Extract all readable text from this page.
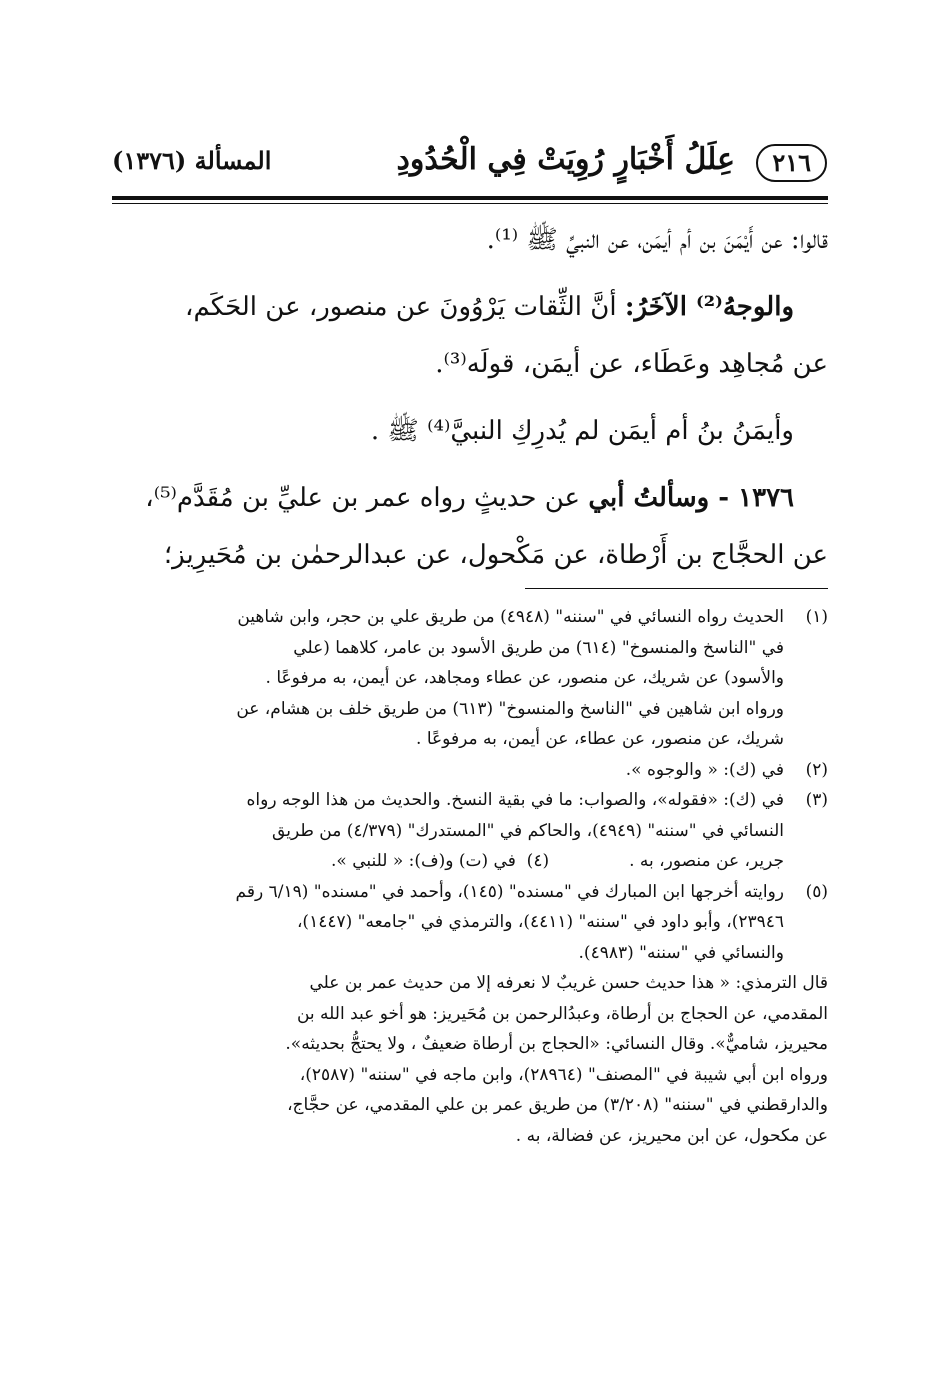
٢١٦
عِلَلُ أَخْبَارٍ رُوِيَتْ فِي الْحُدُودِ
المسألة (١٣٧٦)

قالوا: عن أَيْمَنَ بن أم أيمَن، عن النبيِّ ﷺ ⁽¹⁾.

والوجهُ⁽²⁾ الآخَرُ: أنَّ الثِّقات يَرْوُونَ عن منصور، عن الحَكَم،

عن مُجاهِد وعَطَاء، عن أيمَن، قولَه⁽³⁾.

وأيمَنُ بنُ أم أيمَن لم يُدرِكِ النبيَّ⁽⁴⁾ ﷺ .

١٣٧٦ - وسألتُ أبي عن حديثٍ رواه عمر بن عليِّ بن مُقَدَّم⁽⁵⁾،

عن الحجَّاج بن أَرْطاة، عن مَكْحول، عن عبدالرحمٰن بن مُحَيرِيز؛

(١)

الحديث رواه النسائي في "سننه" (٤٩٤٨) من طريق علي بن حجر، وابن شاهين

في "الناسخ والمنسوخ" (٦١٤) من طريق الأسود بن عامر، كلاهما (علي

والأسود) عن شريك، عن منصور، عن عطاء ومجاهد، عن أيمن، به مرفوعًا .

ورواه ابن شاهين في "الناسخ والمنسوخ" (٦١٣) من طريق خلف بن هشام، عن

شريك، عن منصور، عن عطاء، عن أيمن، به مرفوعًا .

(٢)

في (ك): « والوجوه ».

(٣)

في (ك): «فقوله»، والصواب: ما في بقية النسخ. والحديث من هذا الوجه رواه

النسائي في "سننه" (٤٩٤٩)، والحاكم في "المستدرك" (٤/٣٧٩) من طريق

جرير، عن منصور، به .(٤)  في (ت) و(ف): « للنبي ».

(٥)

روايته أخرجها ابن المبارك في "مسنده" (١٤٥)، وأحمد في "مسنده" (٦/١٩ رقم

٢٣٩٤٦)، وأبو داود في "سننه" (٤٤١١)، والترمذي في "جامعه" (١٤٤٧)،

والنسائي في "سننه" (٤٩٨٣).

قال الترمذي: « هذا حديث حسن غريبٌ لا نعرفه إلا من حديث عمر بن علي

المقدمي، عن الحجاج بن أرطاة، وعبدُالرحمن بن مُحَيريز: هو أخو عبد الله بن

محيريز، شاميٌّ». وقال النسائي: «الحجاج بن أرطاة ضعيفٌ ، ولا يحتجُّ بحديثه».

ورواه ابن أبي شيبة في "المصنف" (٢٨٩٦٤)، وابن ماجه في "سننه" (٢٥٨٧)،

والدارقطني في "سننه" (٣/٢٠٨) من طريق عمر بن علي المقدمي، عن حجَّاج،

عن مكحول، عن ابن محيريز، عن فضالة، به .
